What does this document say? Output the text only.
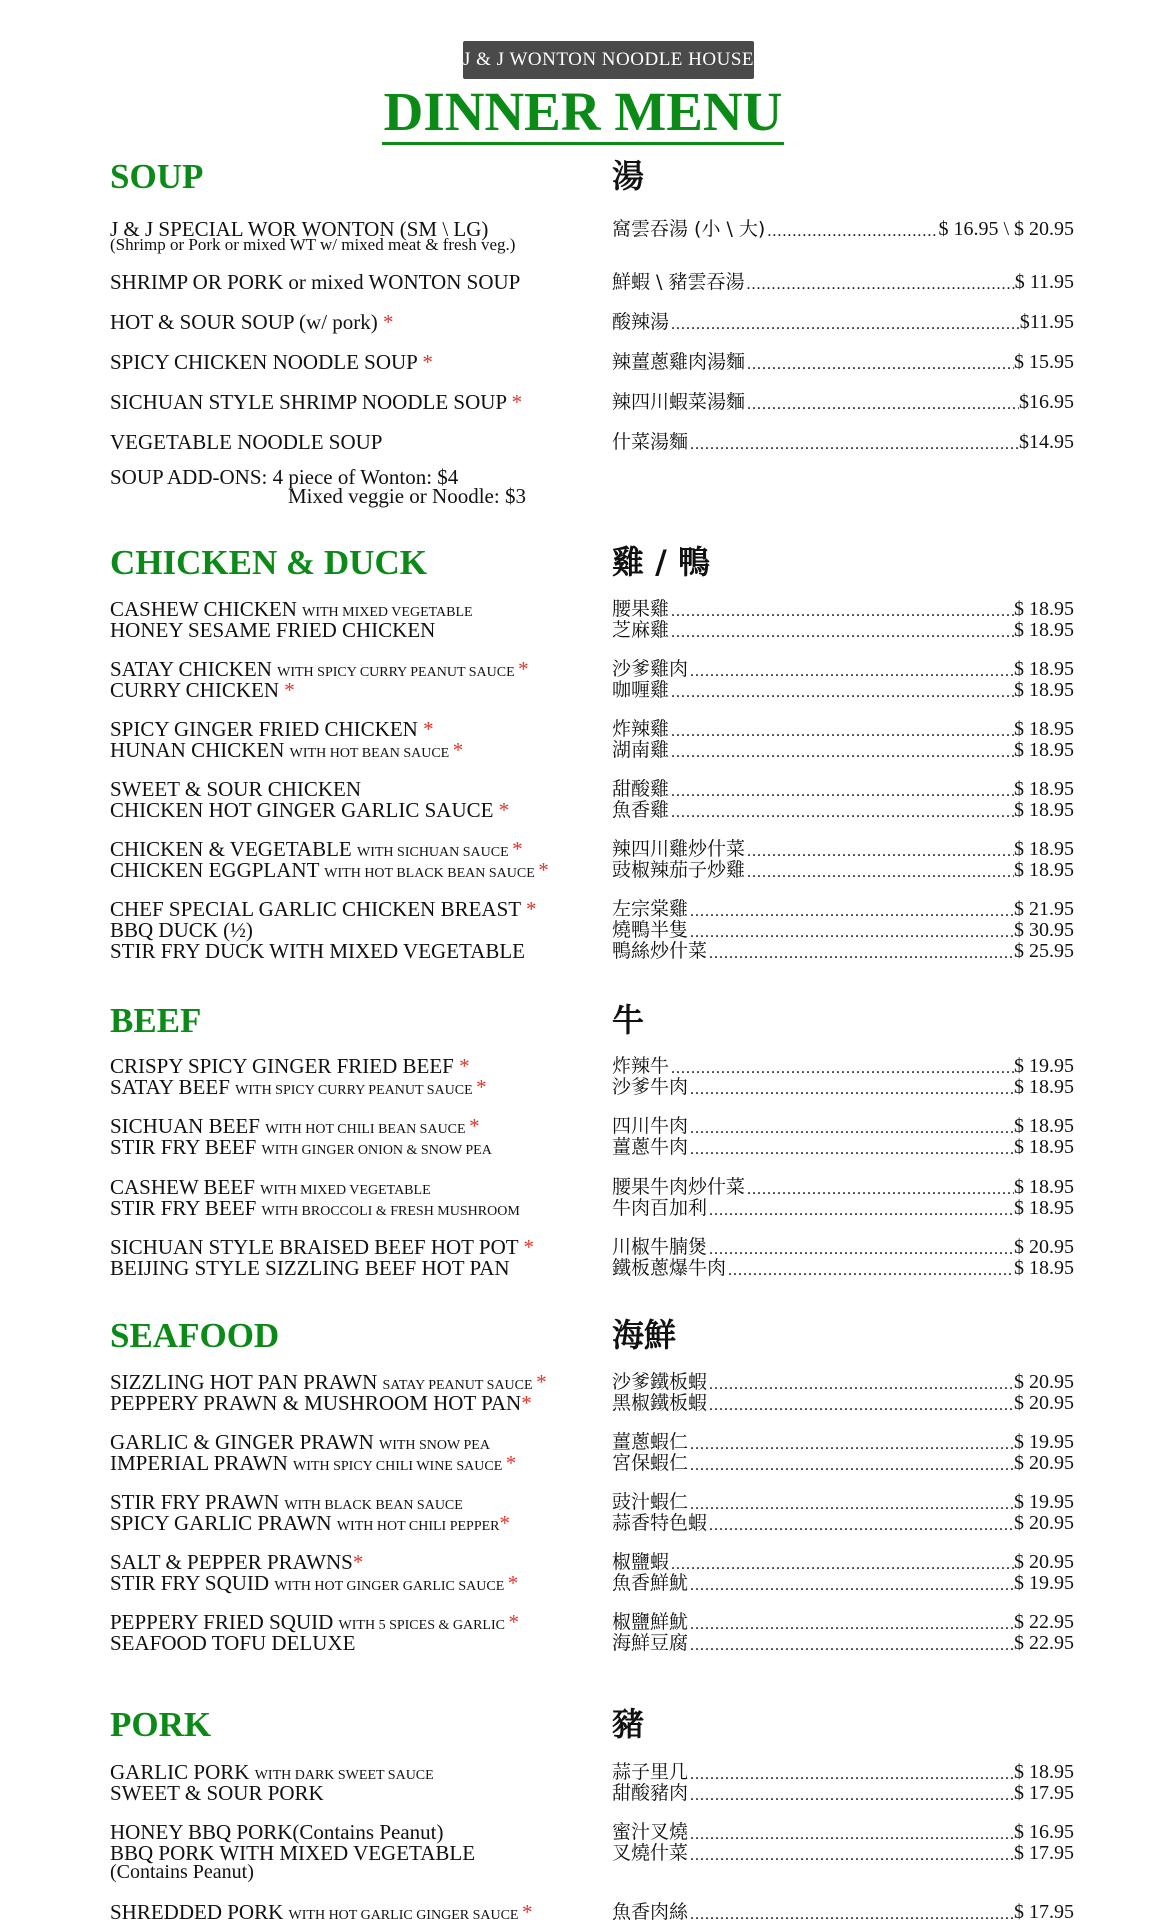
J & J WONTON NOODLE HOUSE
DINNER MENU
SOUP	湯
J & J SPECIAL WOR WONTON (SM \ LG)	窩雲吞湯 (小 \ 大) .....	$ 16.95 \ $ 20.95
SHRIMP OR PORK or mixed WONTON SOUP	鮮蝦 \ 豬雲吞湯 .....	$ 11.95
HOT & SOUR SOUP (w/ pork) *	酸辣湯 .....	$11.95
SPICY CHICKEN NOODLE SOUP *	辣薑蔥雞肉湯麵 .....	$ 15.95
SICHUAN STYLE SHRIMP NOODLE SOUP *	辣四川蝦菜湯麵 .....	$16.95
VEGETABLE NOODLE SOUP	什菜湯麵 .....	$14.95
CHICKEN & DUCK	雞 / 鴨
CASHEW CHICKEN WITH MIXED VEGETABLE	腰果雞 .....	$ 18.95
HONEY SESAME FRIED CHICKEN	芝麻雞 .....	$ 18.95
SATAY CHICKEN WITH SPICY CURRY PEANUT SAUCE *	沙爹雞肉 .....	$ 18.95
CURRY CHICKEN *	咖喱雞 .....	$ 18.95
SPICY GINGER FRIED CHICKEN *	炸辣雞 .....	$ 18.95
HUNAN CHICKEN WITH HOT BEAN SAUCE *	湖南雞 .....	$ 18.95
SWEET & SOUR CHICKEN	甜酸雞 .....	$ 18.95
CHICKEN HOT GINGER GARLIC SAUCE *	魚香雞 .....	$ 18.95
CHICKEN & VEGETABLE WITH SICHUAN SAUCE *	辣四川雞炒什菜 .....	$ 18.95
CHICKEN EGGPLANT WITH HOT BLACK BEAN SAUCE *	豉椒辣茄子炒雞 .....	$ 18.95
CHEF SPECIAL GARLIC CHICKEN BREAST *	左宗棠雞 .....	$ 21.95
BBQ DUCK (½)	燒鴨半隻 .....	$ 30.95
STIR FRY DUCK WITH MIXED VEGETABLE	鴨絲炒什菜 .....	$ 25.95
BEEF	牛
CRISPY SPICY GINGER FRIED BEEF *	炸辣牛 .....	$ 19.95
SATAY BEEF WITH SPICY CURRY PEANUT SAUCE *	沙爹牛肉 .....	$ 18.95
SICHUAN BEEF WITH HOT CHILI BEAN SAUCE *	四川牛肉 .....	$ 18.95
STIR FRY BEEF WITH GINGER ONION & SNOW PEA	薑蔥牛肉 .....	$ 18.95
CASHEW BEEF WITH MIXED VEGETABLE	腰果牛肉炒什菜 .....	$ 18.95
STIR FRY BEEF WITH BROCCOLI & FRESH MUSHROOM	牛肉百加利 .....	$ 18.95
SICHUAN STYLE BRAISED BEEF HOT POT *	川椒牛腩煲 .....	$ 20.95
BEIJING STYLE SIZZLING BEEF HOT PAN	鐵板蔥爆牛肉 .....	$ 18.95
SEAFOOD	海鮮
SIZZLING HOT PAN PRAWN SATAY PEANUT SAUCE *	沙爹鐵板蝦 .....	$ 20.95
PEPPERY PRAWN & MUSHROOM HOT PAN*	黑椒鐵板蝦 .....	$ 20.95
GARLIC & GINGER PRAWN WITH SNOW PEA	薑蔥蝦仁 .....	$ 19.95
IMPERIAL PRAWN WITH SPICY CHILI WINE SAUCE *	宮保蝦仁 .....	$ 20.95
STIR FRY PRAWN WITH BLACK BEAN SAUCE	豉汁蝦仁 .....	$ 19.95
SPICY GARLIC PRAWN WITH HOT CHILI PEPPER*	蒜香特色蝦 .....	$ 20.95
SALT & PEPPER PRAWNS*	椒鹽蝦 .....	$ 20.95
STIR FRY SQUID WITH HOT GINGER GARLIC SAUCE *	魚香鮮魷 .....	$ 19.95
PEPPERY FRIED SQUID WITH 5 SPICES & GARLIC *	椒鹽鮮魷 .....	$ 22.95
SEAFOOD TOFU DELUXE	海鮮豆腐 .....	$ 22.95
PORK	豬
GARLIC PORK WITH DARK SWEET SAUCE	蒜子里几 .....	$ 18.95
SWEET & SOUR PORK	甜酸豬肉 .....	$ 17.95
HONEY BBQ PORK(Contains Peanut)	蜜汁叉燒 .....	$ 16.95
BBQ PORK WITH MIXED VEGETABLE	叉燒什菜 .....	$ 17.95
SHREDDED PORK WITH HOT GARLIC GINGER SAUCE *	魚香肉絲 .....	$ 17.95
(Shrimp or Pork or mixed WT w/ mixed meat & fresh veg.)
SOUP ADD-ONS: 4 piece of Wonton: $4
Mixed veggie or Noodle: $3
(Contains Peanut)
